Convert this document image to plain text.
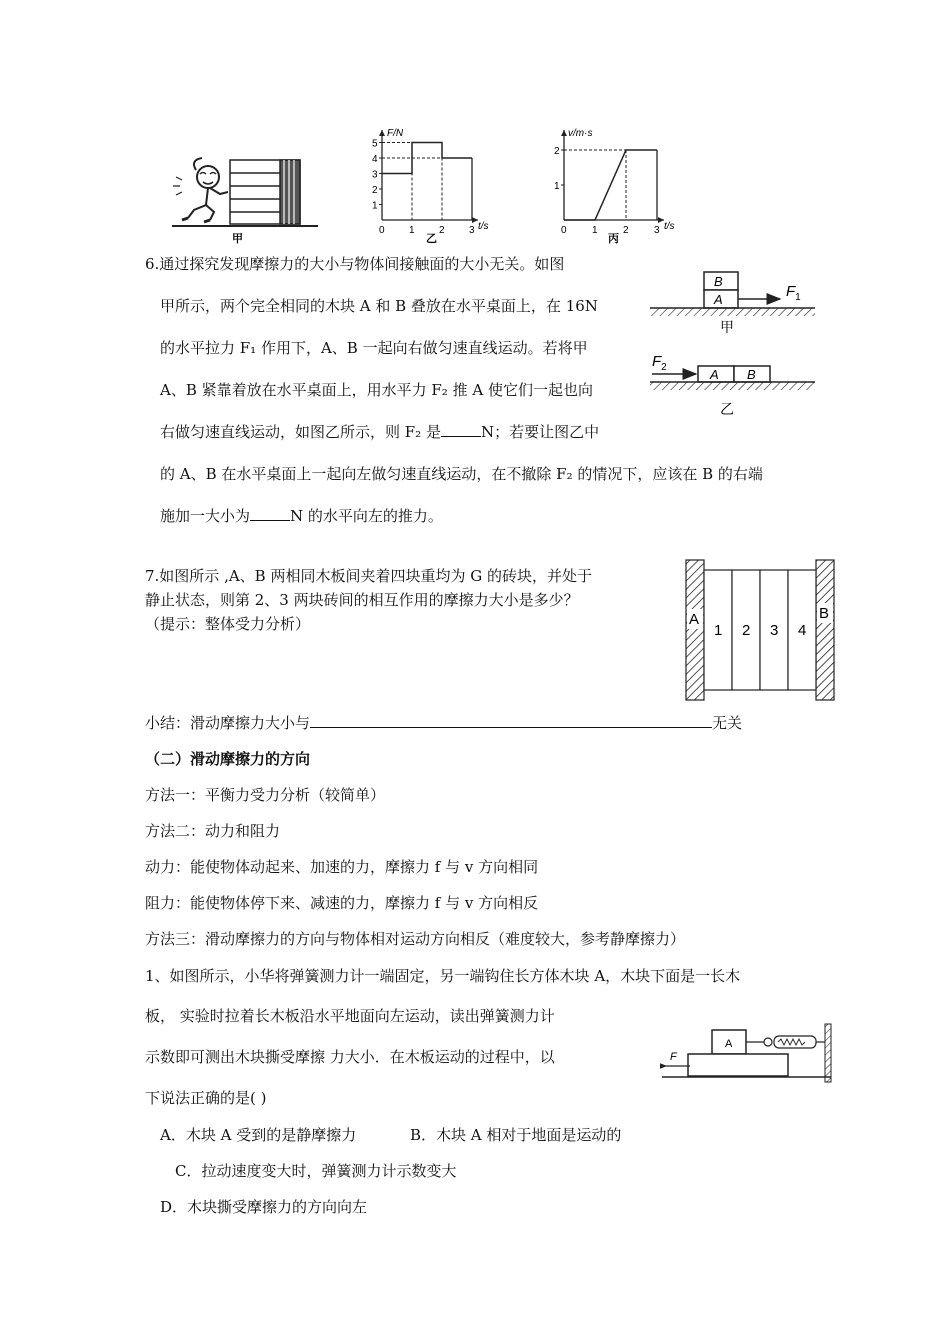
甲
1
2
3
4
5
0 1 2 3
F/N
t/s
乙
1
2
0	1	2	3
v/m·s
t/s
丙
6.通过探究发现摩擦力的大小与物体间接触面的大小无关。如图
甲所示，两个完全相同的木块 A 和 B 叠放在水平桌面上，在 16N
的水平拉力 F₁ 作用下，A、B 一起向右做匀速直线运动。若将甲
A、B 紧靠着放在水平桌面上，用水平力 F₂ 推 A 使它们一起也向
右做匀速直线运动，如图乙所示，则 F₂ 是	N；若要让图乙中
的 A、B 在水平桌面上一起向左做匀速直线运动，在不撤除 F₂ 的情况下，应该在 B 的右端
施加一大小为	N 的水平向左的推力。
B
A	$F_1$
甲
$F_2$	A B
乙
7.如图所示 ,A、B 两相同木板间夹着四块重均为 G 的砖块，并处于
静止状态，则第 2、3 两块砖间的相互作用的摩擦力大小是多少？
（提示：整体受力分析）	A	B
1 2 3 4
小结：滑动摩擦力大小与	无关
（二）滑动摩擦力的方向
方法一：平衡力受力分析（较简单）
方法二：动力和阻力
动力：能使物体动起来、加速的力，摩擦力 f 与 v 方向相同
阻力：能使物体停下来、减速的力，摩擦力 f 与 v 方向相反
方法三：滑动摩擦力的方向与物体相对运动方向相反（难度较大，参考静摩擦力）
1、如图所示，小华将弹簧测力计一端固定，另一端钩住长方体木块 A，木块下面是一长木
板， 实验时拉着长木板沿水平地面向左运动，读出弹簧测力计
示数即可测出木块撕受摩擦 力大小．在木板运动的过程中，以
下说法正确的是( )
A．木块 A 受到的是静摩擦力	B．木块 A 相对于地面是运动的
C．拉动速度变大时，弹簧测力计示数变大
D．木块撕受摩擦力的方向向左
A
F
